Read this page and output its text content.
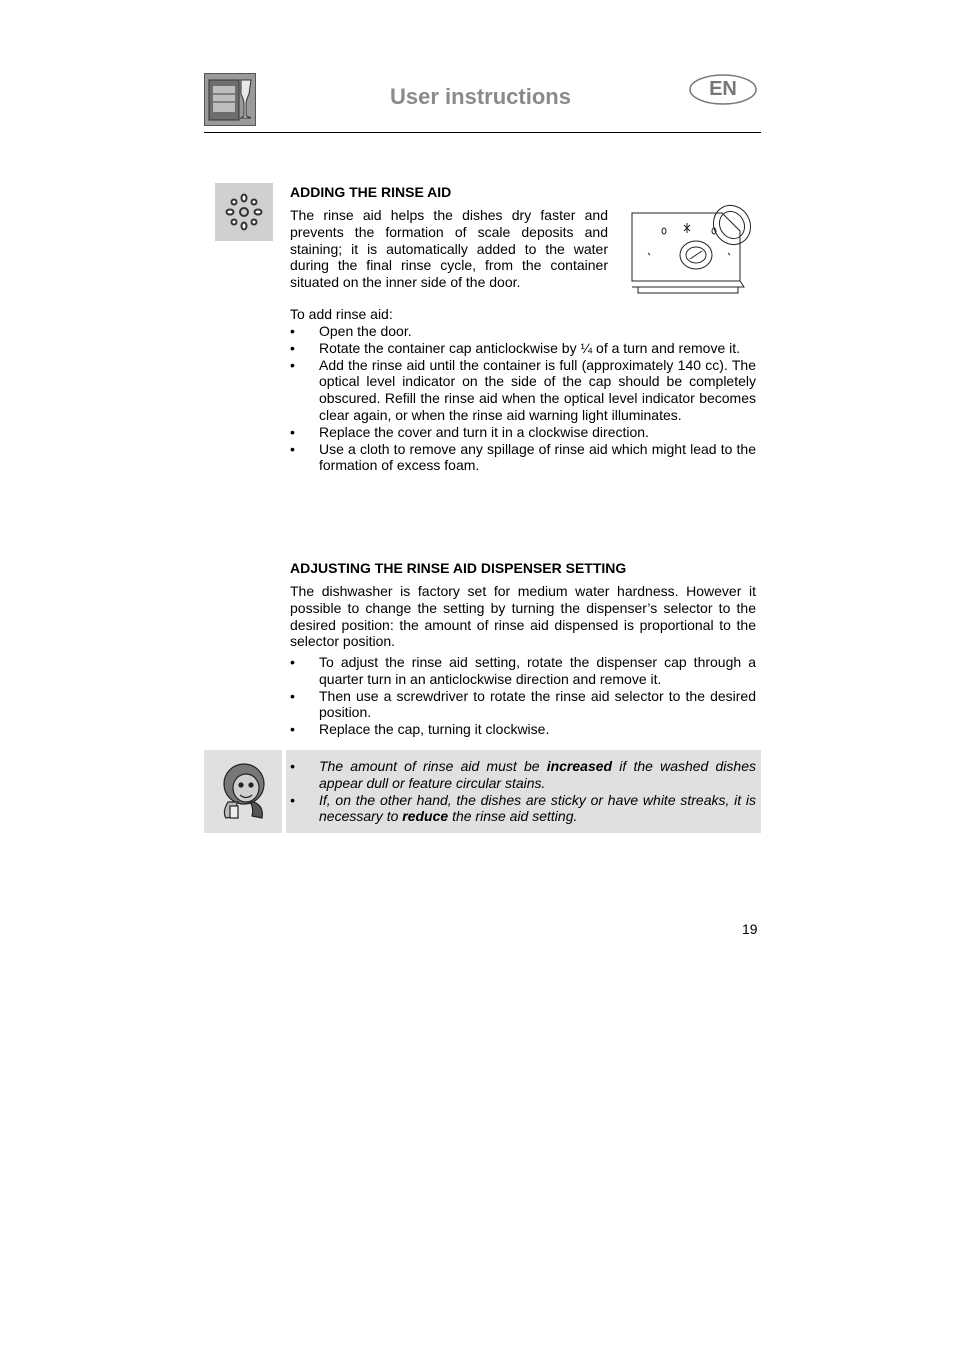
User instructions	EN
ADDING THE RINSE AID

The rinse aid helps the dishes dry faster and prevents the formation of scale deposits and staining; it is automatically added to the water during the final rinse cycle, from the container situated on the inner side of the door.

To add rinse aid:

• Open the door.
• Rotate the container cap anticlockwise by ¼ of a turn and remove it.
• Add the rinse aid until the container is full (approximately 140 cc). The optical level indicator on the side of the cap should be completely obscured. Refill the rinse aid when the optical level indicator becomes clear again, or when the rinse aid warning light illuminates.
• Replace the cover and turn it in a clockwise direction.
• Use a cloth to remove any spillage of rinse aid which might lead to the formation of excess foam.
ADJUSTING THE RINSE AID DISPENSER SETTING

The dishwasher is factory set for medium water hardness. However it possible to change the setting by turning the dispenser’s selector to the desired position: the amount of rinse aid dispensed is proportional to the selector position.

• To adjust the rinse aid setting, rotate the dispenser cap through a quarter turn in an anticlockwise direction and remove it.
• Then use a screwdriver to rotate the rinse aid selector to the desired position.
• Replace the cap, turning it clockwise.
• The amount of rinse aid must be increased if the washed dishes appear dull or feature circular stains.
• If, on the other hand, the dishes are sticky or have white streaks, it is necessary to reduce the rinse aid setting.
19
